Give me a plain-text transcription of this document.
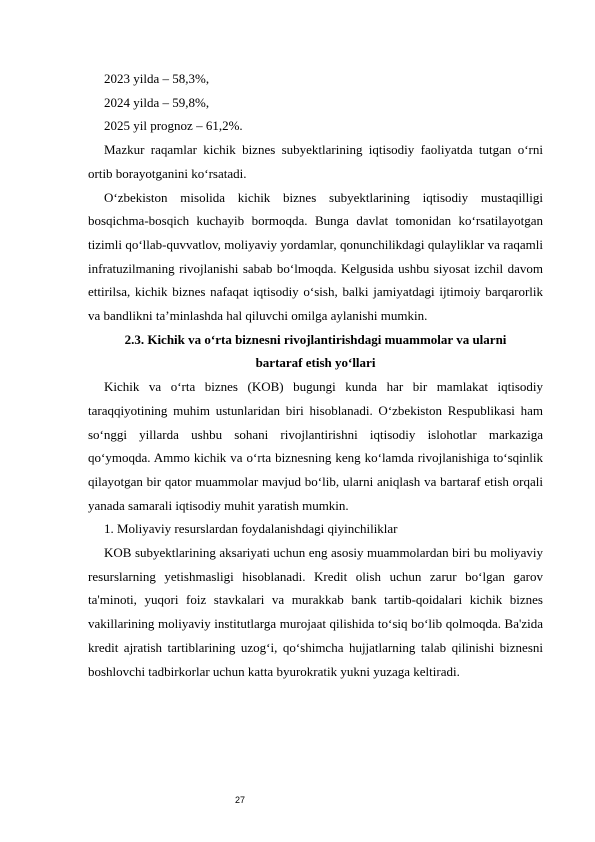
2023 yilda – 58,3%,
2024 yilda – 59,8%,
2025 yil prognoz – 61,2%.

Mazkur raqamlar kichik biznes subyektlarining iqtisodiy faoliyatda tutgan o‘rni ortib borayotganini ko‘rsatadi.

O‘zbekiston misolida kichik biznes subyektlarining iqtisodiy mustaqilligi bosqichma-bosqich kuchayib bormoqda. Bunga davlat tomonidan ko‘rsatilayotgan tizimli qo‘llab-quvvatlov, moliyaviy yordamlar, qonunchilikdagi qulayliklar va raqamli infratuzilmaning rivojlanishi sabab bo‘lmoqda. Kelgusida ushbu siyosat izchil davom ettirilsa, kichik biznes nafaqat iqtisodiy o‘sish, balki jamiyatdagi ijtimoiy barqarorlik va bandlikni ta’minlashda hal qiluvchi omilga aylanishi mumkin.

2.3. Kichik va o‘rta biznesni rivojlantirishdagi muammolar va ularni
bartaraf etish yo‘llari

Kichik va o‘rta biznes (KOB) bugungi kunda har bir mamlakat iqtisodiy taraqqiyotining muhim ustunlaridan biri hisoblanadi. O‘zbekiston Respublikasi ham so‘nggi yillarda ushbu sohani rivojlantirishni iqtisodiy islohotlar markaziga qo‘ymoqda. Ammo kichik va o‘rta biznesning keng ko‘lamda rivojlanishiga to‘sqinlik qilayotgan bir qator muammolar mavjud bo‘lib, ularni aniqlash va bartaraf etish orqali yanada samarali iqtisodiy muhit yaratish mumkin.

1. Moliyaviy resurslardan foydalanishdagi qiyinchiliklar

KOB subyektlarining aksariyati uchun eng asosiy muammolardan biri bu moliyaviy resurslarning yetishmasligi hisoblanadi. Kredit olish uchun zarur bo‘lgan garov ta'minoti, yuqori foiz stavkalari va murakkab bank tartib-qoidalari kichik biznes vakillarining moliyaviy institutlarga murojaat qilishida to‘siq bo‘lib qolmoqda. Ba'zida kredit ajratish tartiblarining uzog‘i, qo‘shimcha hujjatlarning talab qilinishi biznesni boshlovchi tadbirkorlar uchun katta byurokratik yukni yuzaga keltiradi.

27
